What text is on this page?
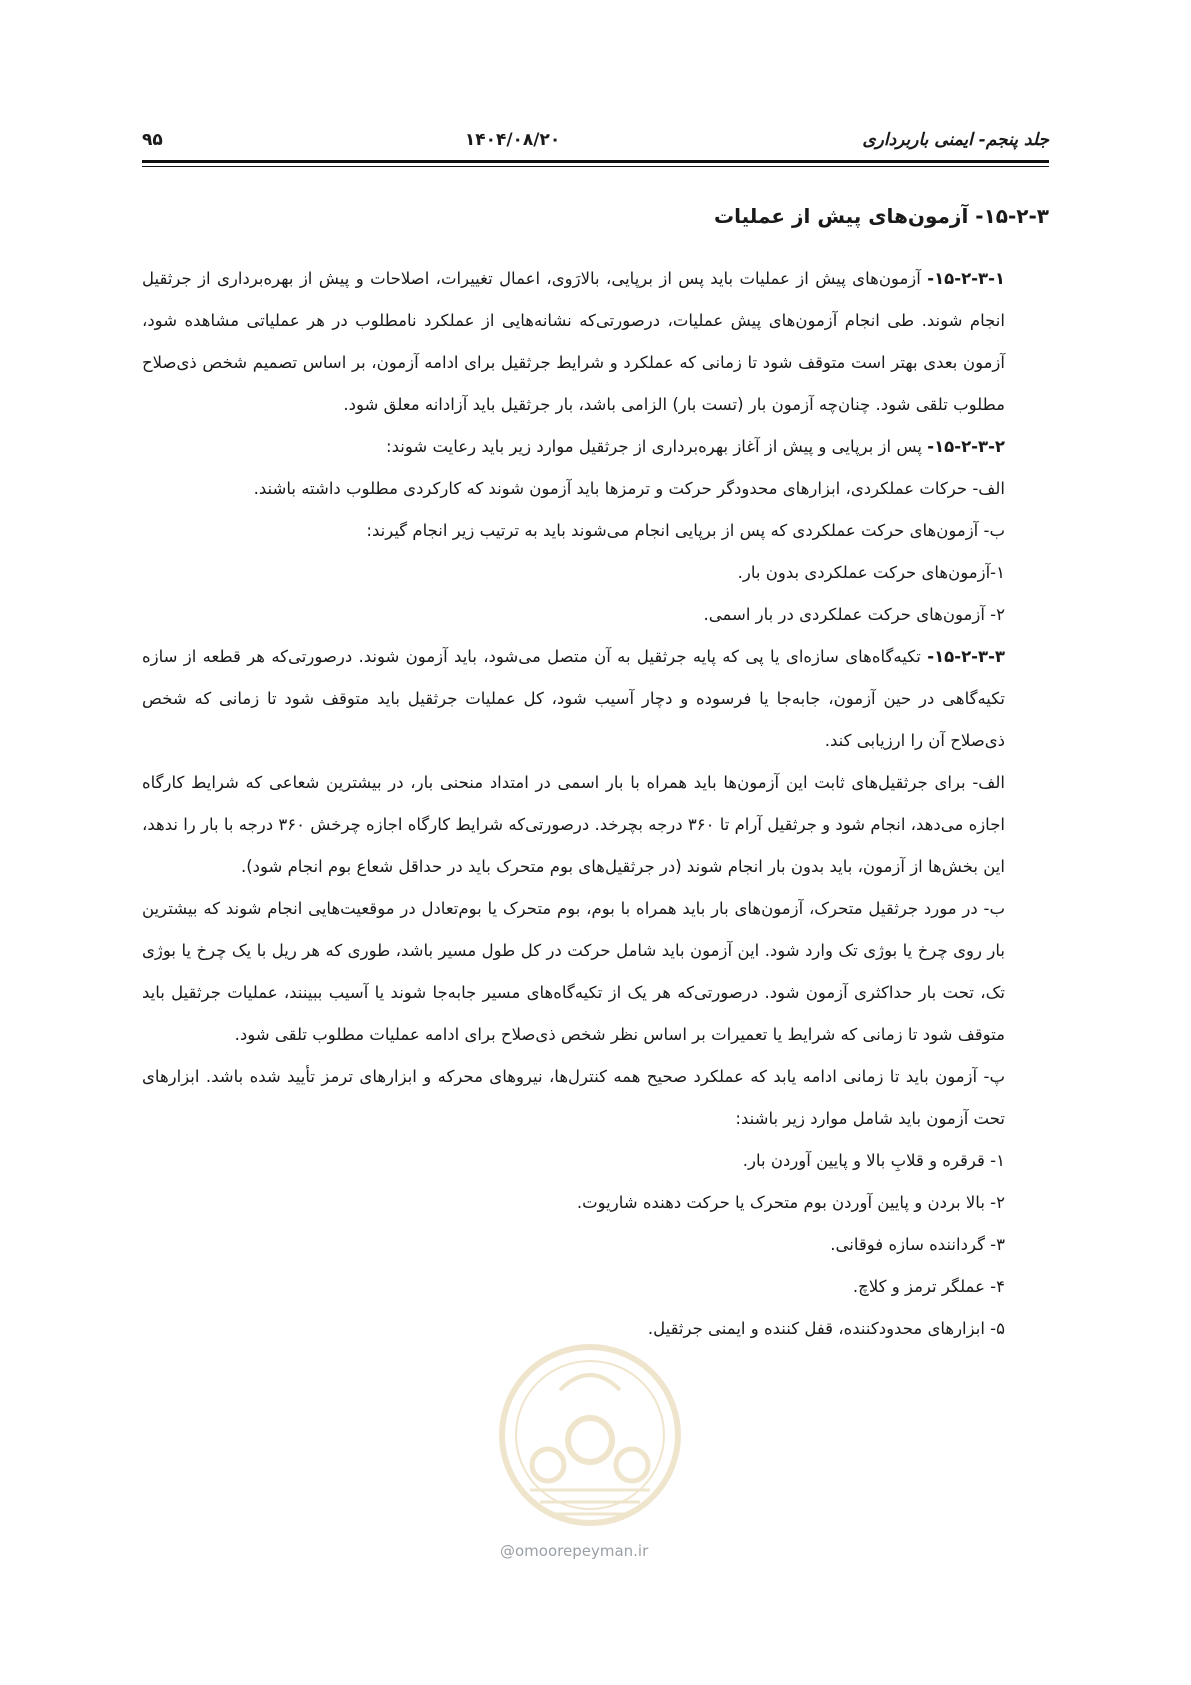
جلد پنجم- ایمنی باربرداری
۱۴۰۴/۰۸/۲۰
۹۵
۱۵-۲-۳- آزمون‌های پیش از عملیات

۱۵-۲-۳-۱- آزمون‌های پیش از عملیات باید پس از برپایی، بالارَوی، اعمال تغییرات، اصلاحات و پیش از بهره‌برداری از جرثقیل انجام شوند. طی انجام آزمون‌های پیش عملیات، درصورتی‌که نشانه‌هایی از عملکرد نامطلوب در هر عملیاتی مشاهده شود، آزمون بعدی بهتر است متوقف شود تا زمانی که عملکرد و شرایط جرثقیل برای ادامه آزمون، بر اساس تصمیم شخص ذی‌صلاح مطلوب تلقی شود. چنان‌چه آزمون بار (تست بار) الزامی باشد، بار جرثقیل باید آزادانه معلق شود.

۱۵-۲-۳-۲- پس از برپایی و پیش از آغاز بهره‌برداری از جرثقیل موارد زیر باید رعایت شوند:

الف- حرکات عملکردی، ابزارهای محدودگر حرکت و ترمزها باید آزمون شوند که کارکردی مطلوب داشته باشند.

ب- آزمون‌های حرکت عملکردی که پس از برپایی انجام می‌شوند باید به ترتیب زیر انجام گیرند:

۱-آزمون‌های حرکت عملکردی بدون بار.

۲- آزمون‌های حرکت عملکردی در بار اسمی.

۱۵-۲-۳-۳- تکیه‌گاه‌های سازه‌ای یا پی که پایه جرثقیل به آن متصل می‌شود، باید آزمون شوند. درصورتی‌که هر قطعه از سازه تکیه‌گاهی در حین آزمون، جابه‌جا یا فرسوده و دچار آسیب شود، کل عملیات جرثقیل باید متوقف شود تا زمانی که شخص ذی‌صلاح آن را ارزیابی کند.

الف- برای جرثقیل‌های ثابت این آزمون‌ها باید همراه با بار اسمی در امتداد منحنی بار، در بیشترین شعاعی که شرایط کارگاه اجازه می‌دهد، انجام شود و جرثقیل آرام تا ۳۶۰ درجه بچرخد. درصورتی‌که شرایط کارگاه اجازه چرخش ۳۶۰ درجه با بار را ندهد، این بخش‌ها از آزمون، باید بدون بار انجام شوند (در جرثقیل‌های بوم متحرک باید در حداقل شعاع بوم انجام شود).

ب- در مورد جرثقیل متحرک، آزمون‌های بار باید همراه با بوم، بوم متحرک یا بوم‌تعادل در موقعیت‌هایی انجام شوند که بیشترین بار روی چرخ یا بوژی تک وارد شود. این آزمون باید شامل حرکت در کل طول مسیر باشد، طوری که هر ریل با یک چرخ یا بوژی تک، تحت بار حداکثری آزمون شود. درصورتی‌که هر یک از تکیه‌گاه‌های مسیر جابه‌جا شوند یا آسیب ببینند، عملیات جرثقیل باید متوقف شود تا زمانی که شرایط یا تعمیرات بر اساس نظر شخص ذی‌صلاح برای ادامه عملیات مطلوب تلقی شود.

پ- آزمون باید تا زمانی ادامه یابد که عملکرد صحیح همه کنترل‌ها، نیروهای محرکه و ابزارهای ترمز تأیید شده باشد. ابزارهای تحت آزمون باید شامل موارد زیر باشند:

۱- قرقره و قلابِ بالا و پایین آوردن بار.

۲- بالا بردن و پایین آوردن بوم متحرک یا حرکت دهنده شاریوت.

۳- گرداننده سازه فوقانی.

۴- عملگر ترمز و کلاچ.

۵- ابزارهای محدودکننده، قفل کننده و ایمنی جرثقیل.

@omoorepeyman.ir
